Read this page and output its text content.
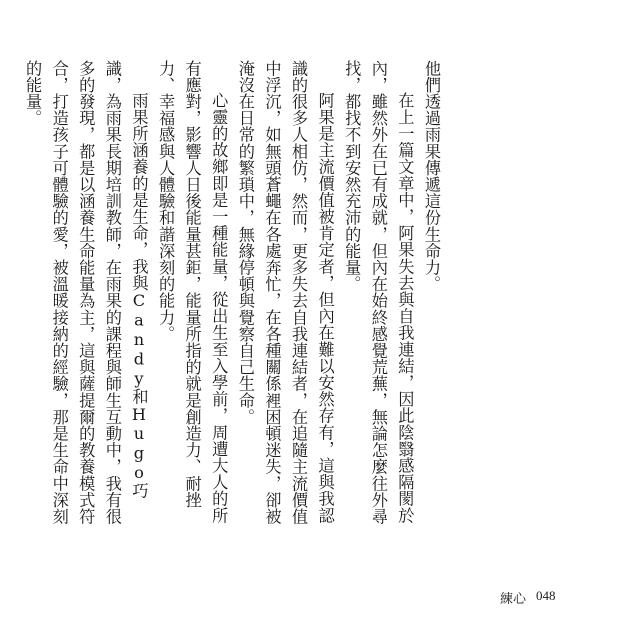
他們透過雨果傳遞這份生命力。

在上一篇文章中，阿果失去與自我連結，因此陰翳感隔閡於內，雖然外在已有成就，但內在始終感覺荒蕪，無論怎麼往外尋找，都找不到安然充沛的能量。

阿果是主流價值被肯定者，但內在難以安然存有，這與我認識的很多人相仿，然而，更多失去自我連結者，在追隨主流價值中浮沉，如無頭蒼蠅在各處奔忙，在各種關係裡困頓迷失，卻被淹沒在日常的繁瑣中，無緣停頓與覺察自己生命。

心靈的故鄉即是一種能量，從出生至入學前，周遭大人的所有應對，影響人日後能量甚鉅，能量所指的就是創造力、耐挫力、幸福感與人體驗和諧深刻的能力。

雨果所涵養的是生命，我與Candy和Hugo巧識，為雨果長期培訓教師，在雨果的課程與師生互動中，我有很多的發現，都是以涵養生命能量為主，這與薩提爾的教養模式符合，打造孩子可體驗的愛，被溫暖接納的經驗，那是生命中深刻的能量。

練心 048
